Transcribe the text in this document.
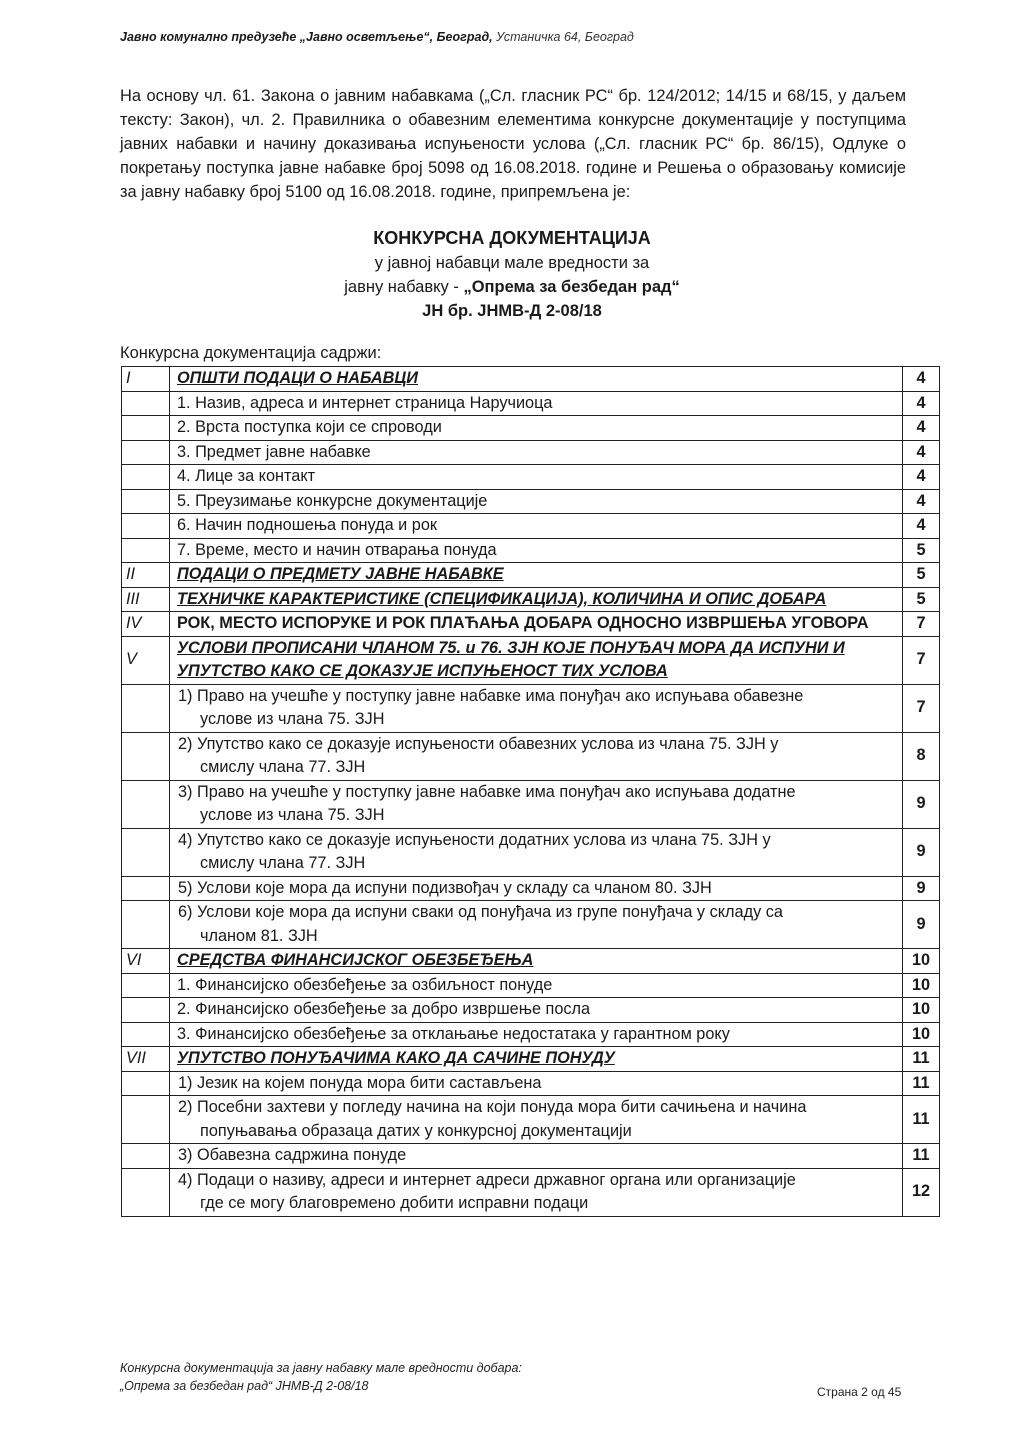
Јавно комунално предузеће „Јавно осветљење“, Београд, Устаничка 64, Београд
На основу чл. 61. Закона о јавним набавкама („Сл. гласник РС“ бр. 124/2012; 14/15 и 68/15, у даљем тексту: Закон), чл. 2. Правилника о обавезним елементима конкурсне документације у поступцима јавних набавки и начину доказивања испуњености услова („Сл. гласник РС“ бр. 86/15), Одлуке о покретању поступка јавне набавке број 5098 од 16.08.2018. године и Решења о образовању комисије за јавну набавку број 5100 од 16.08.2018. године, припремљена је:
КОНКУРСНА ДОКУМЕНТАЦИЈА
у јавној набавци мале вредности за
јавну набавку - „Опрема за безбедан рад“
ЈН бр. ЈНМВ-Д 2-08/18
Конкурсна документација садржи:
I	ОПШТИ ПОДАЦИ О НАБАВЦИ	4
	1. Назив, адреса и интернет страница Наручиоца	4
	2. Врста поступка који се спроводи	4
	3. Предмет јавне набавке	4
	4. Лице за контакт	4
	5. Преузимање конкурсне документације	4
	6. Начин подношења понуда и рок	4
	7. Време, место и начин отварања понуда	5
II	ПОДАЦИ О ПРЕДМЕТУ ЈАВНЕ НАБАВКЕ	5
III	ТЕХНИЧКЕ КАРАКТЕРИСТИКЕ (СПЕЦИФИКАЦИЈА), КОЛИЧИНА И ОПИС ДОБАРА	5
IV	РОК, МЕСТО ИСПОРУКЕ И РОК ПЛАЋАЊА ДОБАРА ОДНОСНО ИЗВРШЕЊА УГОВОРА	7
V	УСЛОВИ ПРОПИСАНИ ЧЛАНОМ 75. и 76. ЗЈН КОЈЕ ПОНУЂАЧ МОРА ДА ИСПУНИ И УПУТСТВО КАКО СЕ ДОКАЗУЈЕ ИСПУЊЕНОСТ ТИХ УСЛОВА	7
	1) Право на учешће у поступку јавне набавке има понуђач ако испуњава обавезне
услове из члана 75. ЗЈН	7
	2) Упутство како се доказује испуњености обавезних услова из члана 75. ЗЈН у
смислу члана 77. ЗЈН	8
	3) Право на учешће у поступку јавне набавке има понуђач ако испуњава додатне
услове из члана 75. ЗЈН	9
	4) Упутство како се доказује испуњености додатних услова из члана 75. ЗЈН у
смислу члана 77. ЗЈН	9
	5) Услови које мора да испуни подизвођач у складу са чланом 80. ЗЈН	9
	6) Услови које мора да испуни сваки од понуђача из групе понуђача у складу са
чланом 81. ЗЈН	9
VI	СРЕДСТВА ФИНАНСИЈСКОГ ОБЕЗБЕЂЕЊА	10
	1. Финансијско обезбеђење за озбиљност понуде	10
	2. Финансијско обезбеђење за добро извршење посла	10
	3. Финансијско обезбеђење за отклањање недостатака у гарантном року	10
VII	УПУТСТВО ПОНУЂАЧИМА КАКО ДА САЧИНЕ ПОНУДУ	11
	1) Језик на којем понуда мора бити састављена	11
	2) Посебни захтеви у погледу начина на који понуда мора бити сачињена и начина
попуњавања образаца датих у конкурсној документацији	11
	3) Обавезна садржина понуде	11
	4) Подаци о називу, адреси и интернет адреси државног органа или организације
где се могу благовремено добити исправни подаци	12
Конкурсна документација за јавну набавку мале вредности добара:
„Опрема за безбедан рад“ ЈНМВ-Д 2-08/18	Страна 2 од 45
